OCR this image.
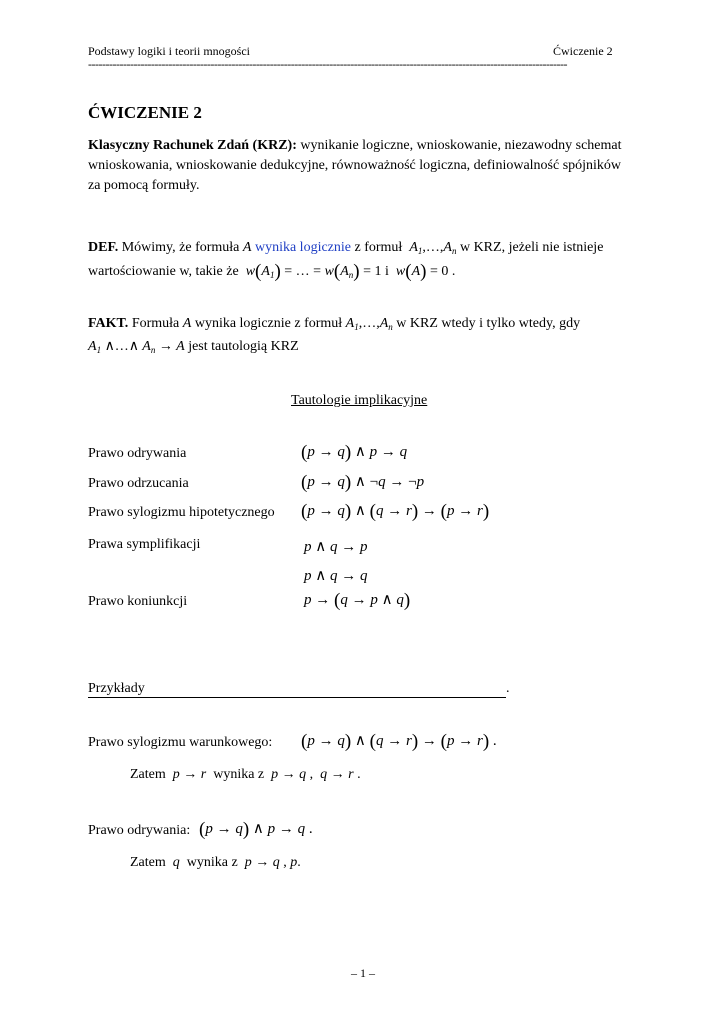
Podstawy logiki i teorii mnogości	Ćwiczenie 2
-----------------------------------------------------------------------------------------------------------------------------------------
ĆWICZENIE 2
Klasyczny Rachunek Zdań (KRZ): wynikanie logiczne, wnioskowanie, niezawodny schemat wnioskowania, wnioskowanie dedukcyjne, równoważność logiczna, definiowalność spójników za pomocą formuły.
DEF. Mówimy, że formuła A wynika logicznie z formuł  $A_1,\dots,A_n$ w KRZ, jeżeli nie istnieje
wartościowanie w, takie że  $w(A_1)$ = … = $w(A_n) = 1$ i  w(A) = 0 .
FAKT. Formuła A wynika logicznie z formuł $A_1,\dots,A_n$ w KRZ wtedy i tylko wtedy, gdy
$A_1$ ∧…∧ $A_n \to A$ jest tautologią KRZ
Tautologie implikacyjne
Prawo odrywania	(p → q) ∧ p → q
Prawo odrzucania	(p → q) ∧ ¬q → ¬p
Prawo sylogizmu hipotetycznego (p → q) ∧ (q → r) → (p → r)
Prawa symplifikacji	p ∧ q → p
p ∧ q → q
Prawo koniunkcji	p → (q → p ∧ q)
Przykłady	.
Prawo sylogizmu warunkowego: (p → q) ∧ (q → r) → (p → r) .
Zatem  p → r  wynika z  p → q ,  q → r .
Prawo odrywania: (p → q) ∧ p → q .
Zatem  q  wynika z  p → q , p.
– 1 –
